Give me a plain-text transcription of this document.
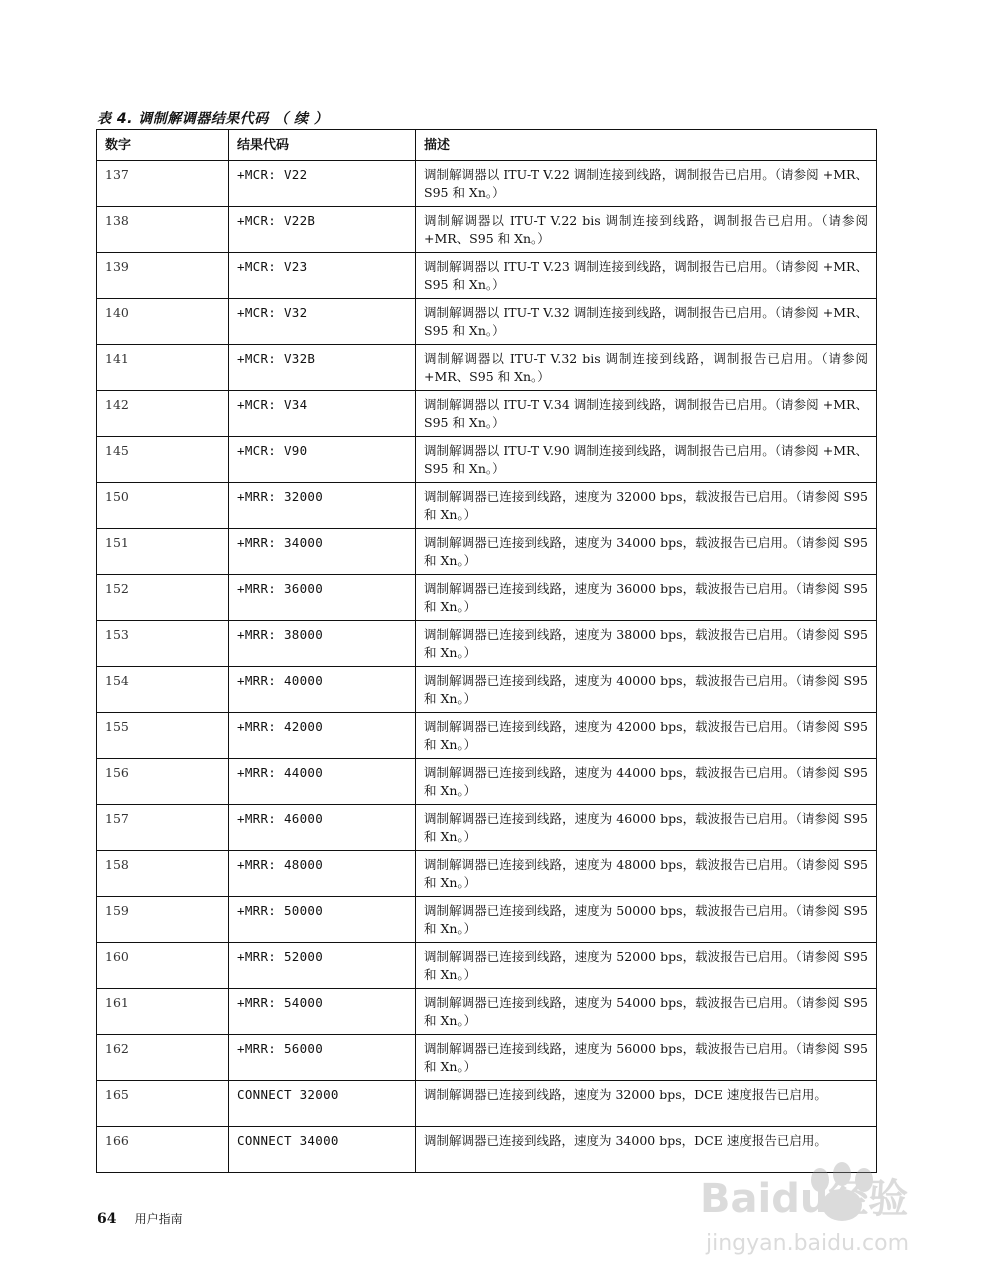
表 4. 调制解调器结果代码 （ 续 ）
数字	结果代码	描述
137	+MCR: V22	调制解调器以 ITU-T V.22 调制连接到线路，调制报告已启用。（请参阅 +MR、S95 和 Xn。）
138	+MCR: V22B	调制解调器以 ITU-T V.22 bis 调制连接到线路，调制报告已启用。（请参阅 +MR、S95 和 Xn。）
139	+MCR: V23	调制解调器以 ITU-T V.23 调制连接到线路，调制报告已启用。（请参阅 +MR、S95 和 Xn。）
140	+MCR: V32	调制解调器以 ITU-T V.32 调制连接到线路，调制报告已启用。（请参阅 +MR、S95 和 Xn。）
141	+MCR: V32B	调制解调器以 ITU-T V.32 bis 调制连接到线路，调制报告已启用。（请参阅 +MR、S95 和 Xn。）
142	+MCR: V34	调制解调器以 ITU-T V.34 调制连接到线路，调制报告已启用。（请参阅 +MR、S95 和 Xn。）
145	+MCR: V90	调制解调器以 ITU-T V.90 调制连接到线路，调制报告已启用。（请参阅 +MR、S95 和 Xn。）
150	+MRR: 32000	调制解调器已连接到线路，速度为 32000 bps，载波报告已启用。（请参阅 S95 和 Xn。）
151	+MRR: 34000	调制解调器已连接到线路，速度为 34000 bps，载波报告已启用。（请参阅 S95 和 Xn。）
152	+MRR: 36000	调制解调器已连接到线路，速度为 36000 bps，载波报告已启用。（请参阅 S95 和 Xn。）
153	+MRR: 38000	调制解调器已连接到线路，速度为 38000 bps，载波报告已启用。（请参阅 S95 和 Xn。）
154	+MRR: 40000	调制解调器已连接到线路，速度为 40000 bps，载波报告已启用。（请参阅 S95 和 Xn。）
155	+MRR: 42000	调制解调器已连接到线路，速度为 42000 bps，载波报告已启用。（请参阅 S95 和 Xn。）
156	+MRR: 44000	调制解调器已连接到线路，速度为 44000 bps，载波报告已启用。（请参阅 S95 和 Xn。）
157	+MRR: 46000	调制解调器已连接到线路，速度为 46000 bps，载波报告已启用。（请参阅 S95 和 Xn。）
158	+MRR: 48000	调制解调器已连接到线路，速度为 48000 bps，载波报告已启用。（请参阅 S95 和 Xn。）
159	+MRR: 50000	调制解调器已连接到线路，速度为 50000 bps，载波报告已启用。（请参阅 S95 和 Xn。）
160	+MRR: 52000	调制解调器已连接到线路，速度为 52000 bps，载波报告已启用。（请参阅 S95 和 Xn。）
161	+MRR: 54000	调制解调器已连接到线路，速度为 54000 bps，载波报告已启用。（请参阅 S95 和 Xn。）
162	+MRR: 56000	调制解调器已连接到线路，速度为 56000 bps，载波报告已启用。（请参阅 S95 和 Xn。）
165	CONNECT 32000	调制解调器已连接到线路，速度为 32000 bps，DCE 速度报告已启用。
166	CONNECT 34000	调制解调器已连接到线路，速度为 34000 bps，DCE 速度报告已启用。
64 用户指南	Baidu经验
jingyan.baidu.com
